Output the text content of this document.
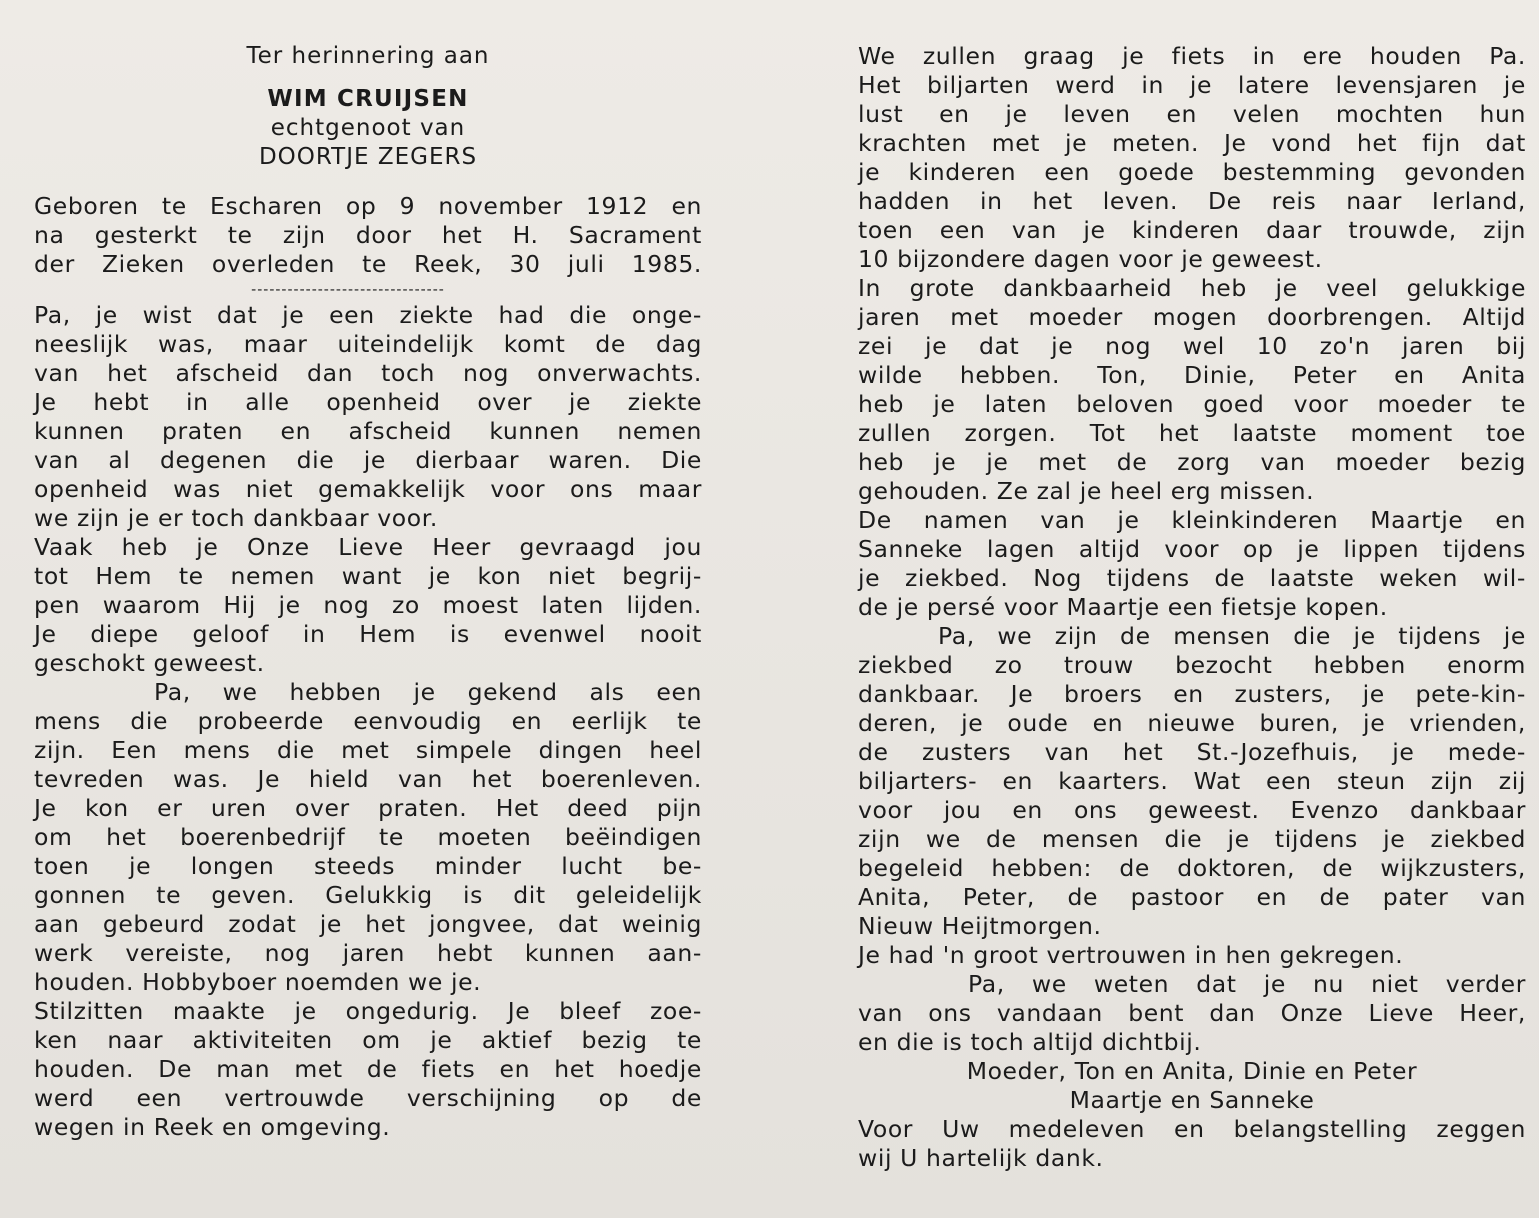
Ter herinnering aan
WIM CRUIJSEN
echtgenoot van
DOORTJE ZEGERS
Geboren te Escharen op 9 november 1912 en
na gesterkt te zijn door het H. Sacrament
der Zieken overleden te Reek, 30 juli 1985.
--------------------------------
Pa, je wist dat je een ziekte had die onge-
neeslijk was, maar uiteindelijk komt de dag
van het afscheid dan toch nog onverwachts.
Je hebt in alle openheid over je ziekte
kunnen praten en afscheid kunnen nemen
van al degenen die je dierbaar waren. Die
openheid was niet gemakkelijk voor ons maar
we zijn je er toch dankbaar voor.
Vaak heb je Onze Lieve Heer gevraagd jou
tot Hem te nemen want je kon niet begrij-
pen waarom Hij je nog zo moest laten lijden.
Je diepe geloof in Hem is evenwel nooit
geschokt geweest.
Pa, we hebben je gekend als een
mens die probeerde eenvoudig en eerlijk te
zijn. Een mens die met simpele dingen heel
tevreden was. Je hield van het boerenleven.
Je kon er uren over praten. Het deed pijn
om het boerenbedrijf te moeten beëindigen
toen je longen steeds minder lucht be-
gonnen te geven. Gelukkig is dit geleidelijk
aan gebeurd zodat je het jongvee, dat weinig
werk vereiste, nog jaren hebt kunnen aan-
houden. Hobbyboer noemden we je.
Stilzitten maakte je ongedurig. Je bleef zoe-
ken naar aktiviteiten om je aktief bezig te
houden. De man met de fiets en het hoedje
werd een vertrouwde verschijning op de
wegen in Reek en omgeving.
We zullen graag je fiets in ere houden Pa.
Het biljarten werd in je latere levensjaren je
lust en je leven en velen mochten hun
krachten met je meten. Je vond het fijn dat
je kinderen een goede bestemming gevonden
hadden in het leven. De reis naar Ierland,
toen een van je kinderen daar trouwde, zijn
10 bijzondere dagen voor je geweest.
In grote dankbaarheid heb je veel gelukkige
jaren met moeder mogen doorbrengen. Altijd
zei je dat je nog wel 10 zo'n jaren bij
wilde hebben. Ton, Dinie, Peter en Anita
heb je laten beloven goed voor moeder te
zullen zorgen. Tot het laatste moment toe
heb je je met de zorg van moeder bezig
gehouden. Ze zal je heel erg missen.
De namen van je kleinkinderen Maartje en
Sanneke lagen altijd voor op je lippen tijdens
je ziekbed. Nog tijdens de laatste weken wil-
de je persé voor Maartje een fietsje kopen.
Pa, we zijn de mensen die je tijdens je
ziekbed zo trouw bezocht hebben enorm
dankbaar. Je broers en zusters, je pete-kin-
deren, je oude en nieuwe buren, je vrienden,
de zusters van het St.-Jozefhuis, je mede-
biljarters- en kaarters. Wat een steun zijn zij
voor jou en ons geweest. Evenzo dankbaar
zijn we de mensen die je tijdens je ziekbed
begeleid hebben: de doktoren, de wijkzusters,
Anita, Peter, de pastoor en de pater van
Nieuw Heijtmorgen.
Je had 'n groot vertrouwen in hen gekregen.
Pa, we weten dat je nu niet verder
van ons vandaan bent dan Onze Lieve Heer,
en die is toch altijd dichtbij.
Moeder, Ton en Anita, Dinie en Peter
Maartje en Sanneke
Voor Uw medeleven en belangstelling zeggen
wij U hartelijk dank.
